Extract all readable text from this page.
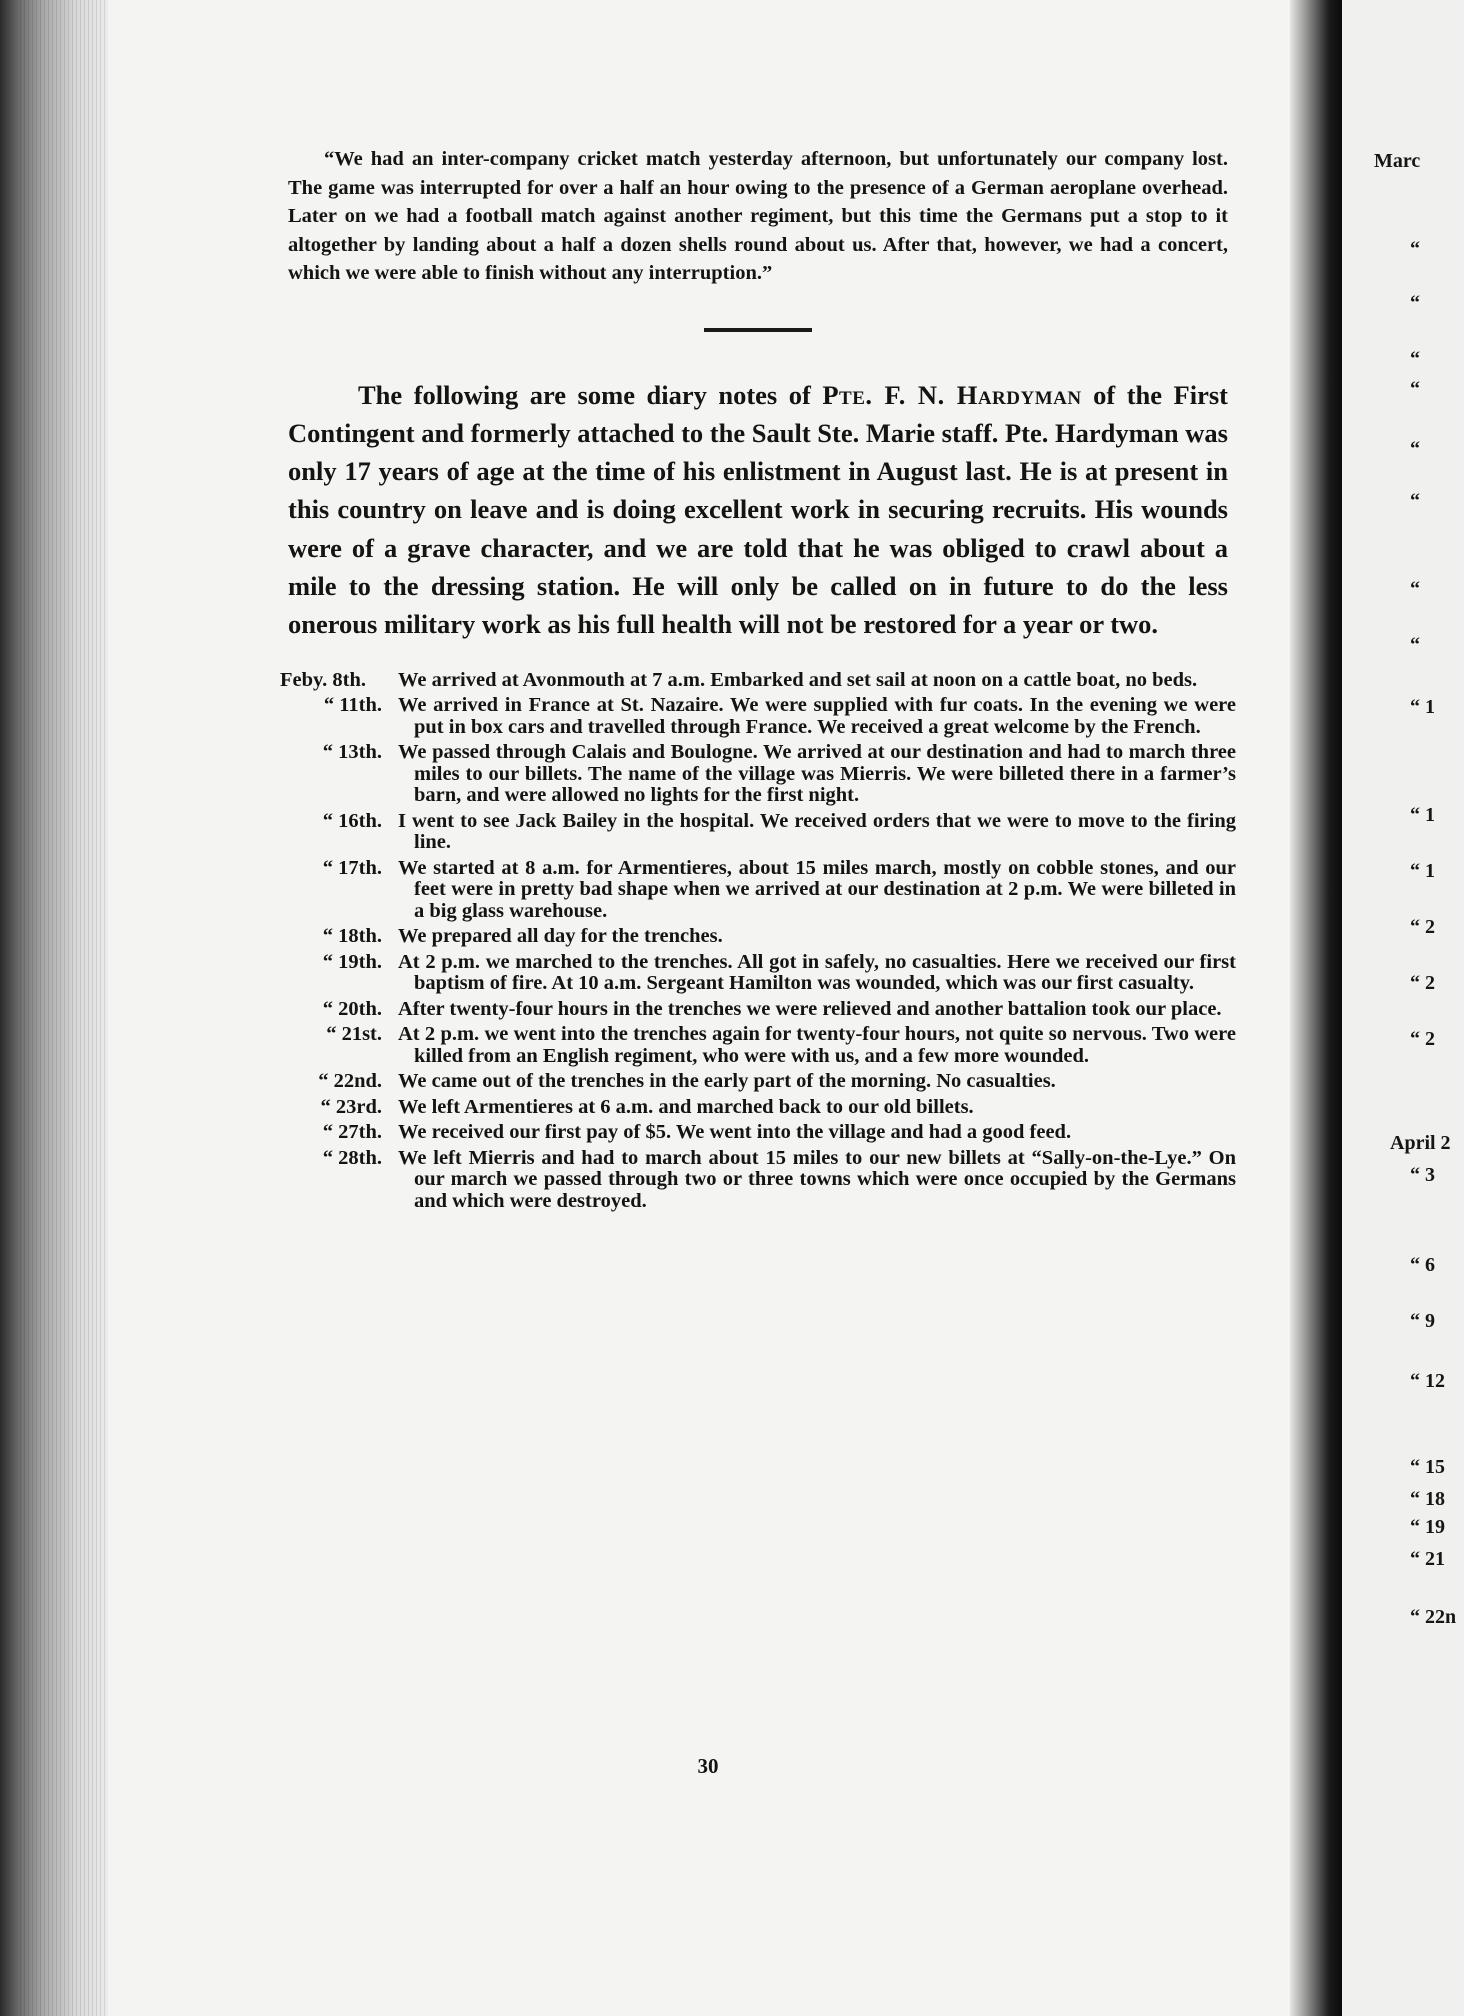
“We had an inter-company cricket match yesterday afternoon, but unfortunately our company lost. The game was interrupted for over a half an hour owing to the presence of a German aeroplane overhead. Later on we had a football match against another regiment, but this time the Germans put a stop to it altogether by landing about a half a dozen shells round about us. After that, however, we had a concert, which we were able to finish without any interruption.”

The following are some diary notes of Pte. F. N. Hardyman of the First Contingent and formerly attached to the Sault Ste. Marie staff. Pte. Hardyman was only 17 years of age at the time of his enlistment in August last. He is at present in this country on leave and is doing excellent work in securing recruits. His wounds were of a grave character, and we are told that he was obliged to crawl about a mile to the dressing station. He will only be called on in future to do the less onerous military work as his full health will not be restored for a year or two.

Feby. 8th.	We arrived at Avonmouth at 7 a.m. Embarked and set sail at noon on a cattle boat, no beds.
“ 11th. We arrived in France at St. Nazaire. We were supplied with fur coats. In the evening we were put in box cars and travelled through France. We received a great welcome by the French.
“ 13th. We passed through Calais and Boulogne. We arrived at our destination and had to march three miles to our billets. The name of the village was Mierris. We were billeted there in a farmer’s barn, and were allowed no lights for the first night.
“ 16th. I went to see Jack Bailey in the hospital. We received orders that we were to move to the firing line.
“ 17th. We started at 8 a.m. for Armentieres, about 15 miles march, mostly on cobble stones, and our feet were in pretty bad shape when we arrived at our destination at 2 p.m. We were billeted in a big glass warehouse.
“ 18th. We prepared all day for the trenches.
“ 19th. At 2 p.m. we marched to the trenches. All got in safely, no casualties. Here we received our first baptism of fire. At 10 a.m. Sergeant Hamilton was wounded, which was our first casualty.
“ 20th. After twenty-four hours in the trenches we were relieved and another battalion took our place.
“ 21st. At 2 p.m. we went into the trenches again for twenty-four hours, not quite so nervous. Two were killed from an English regiment, who were with us, and a few more wounded.
“ 22nd. We came out of the trenches in the early part of the morning. No casualties.
“ 23rd. We left Armentieres at 6 a.m. and marched back to our old billets.
“ 27th. We received our first pay of $5. We went into the village and had a good feed.
“ 28th. We left Mierris and had to march about 15 miles to our new billets at “Sally-on-the-Lye.” On our march we passed through two or three towns which were once occupied by the Germans and which were destroyed.
30
Marc
April 2
“
“
“
“
“
“
“
“
“ 1
“ 1
“ 1
“ 2
“ 2
“ 2
“ 3
“ 6
“ 9
“ 12
“ 15
“ 18
“ 19
“ 21
“ 22n
